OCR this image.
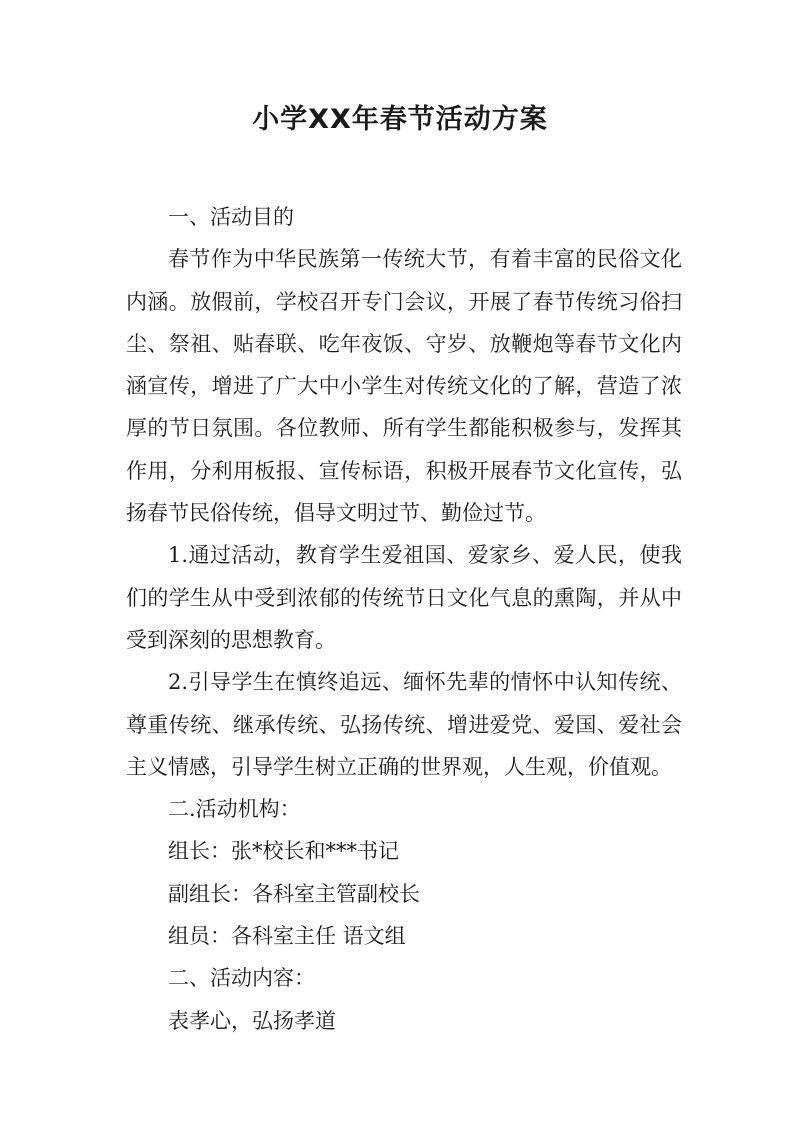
小学XX年春节活动方案

一、活动目的

春节作为中华民族第一传统大节，有着丰富的民俗文化内涵。放假前，学校召开专门会议，开展了春节传统习俗扫尘、祭祖、贴春联、吃年夜饭、守岁、放鞭炮等春节文化内涵宣传，增进了广大中小学生对传统文化的了解，营造了浓厚的节日氛围。各位教师、所有学生都能积极参与，发挥其作用，分利用板报、宣传标语，积极开展春节文化宣传，弘扬春节民俗传统，倡导文明过节、勤俭过节。

1.通过活动，教育学生爱祖国、爱家乡、爱人民，使我们的学生从中受到浓郁的传统节日文化气息的熏陶，并从中受到深刻的思想教育。

2.引导学生在慎终追远、缅怀先辈的情怀中认知传统、尊重传统、继承传统、弘扬传统、增进爱党、爱国、爱社会主义情感，引导学生树立正确的世界观，人生观，价值观。

二.活动机构：

组长：张*校长和***书记

副组长：各科室主管副校长

组员：各科室主任 语文组

二、活动内容：

表孝心，弘扬孝道
